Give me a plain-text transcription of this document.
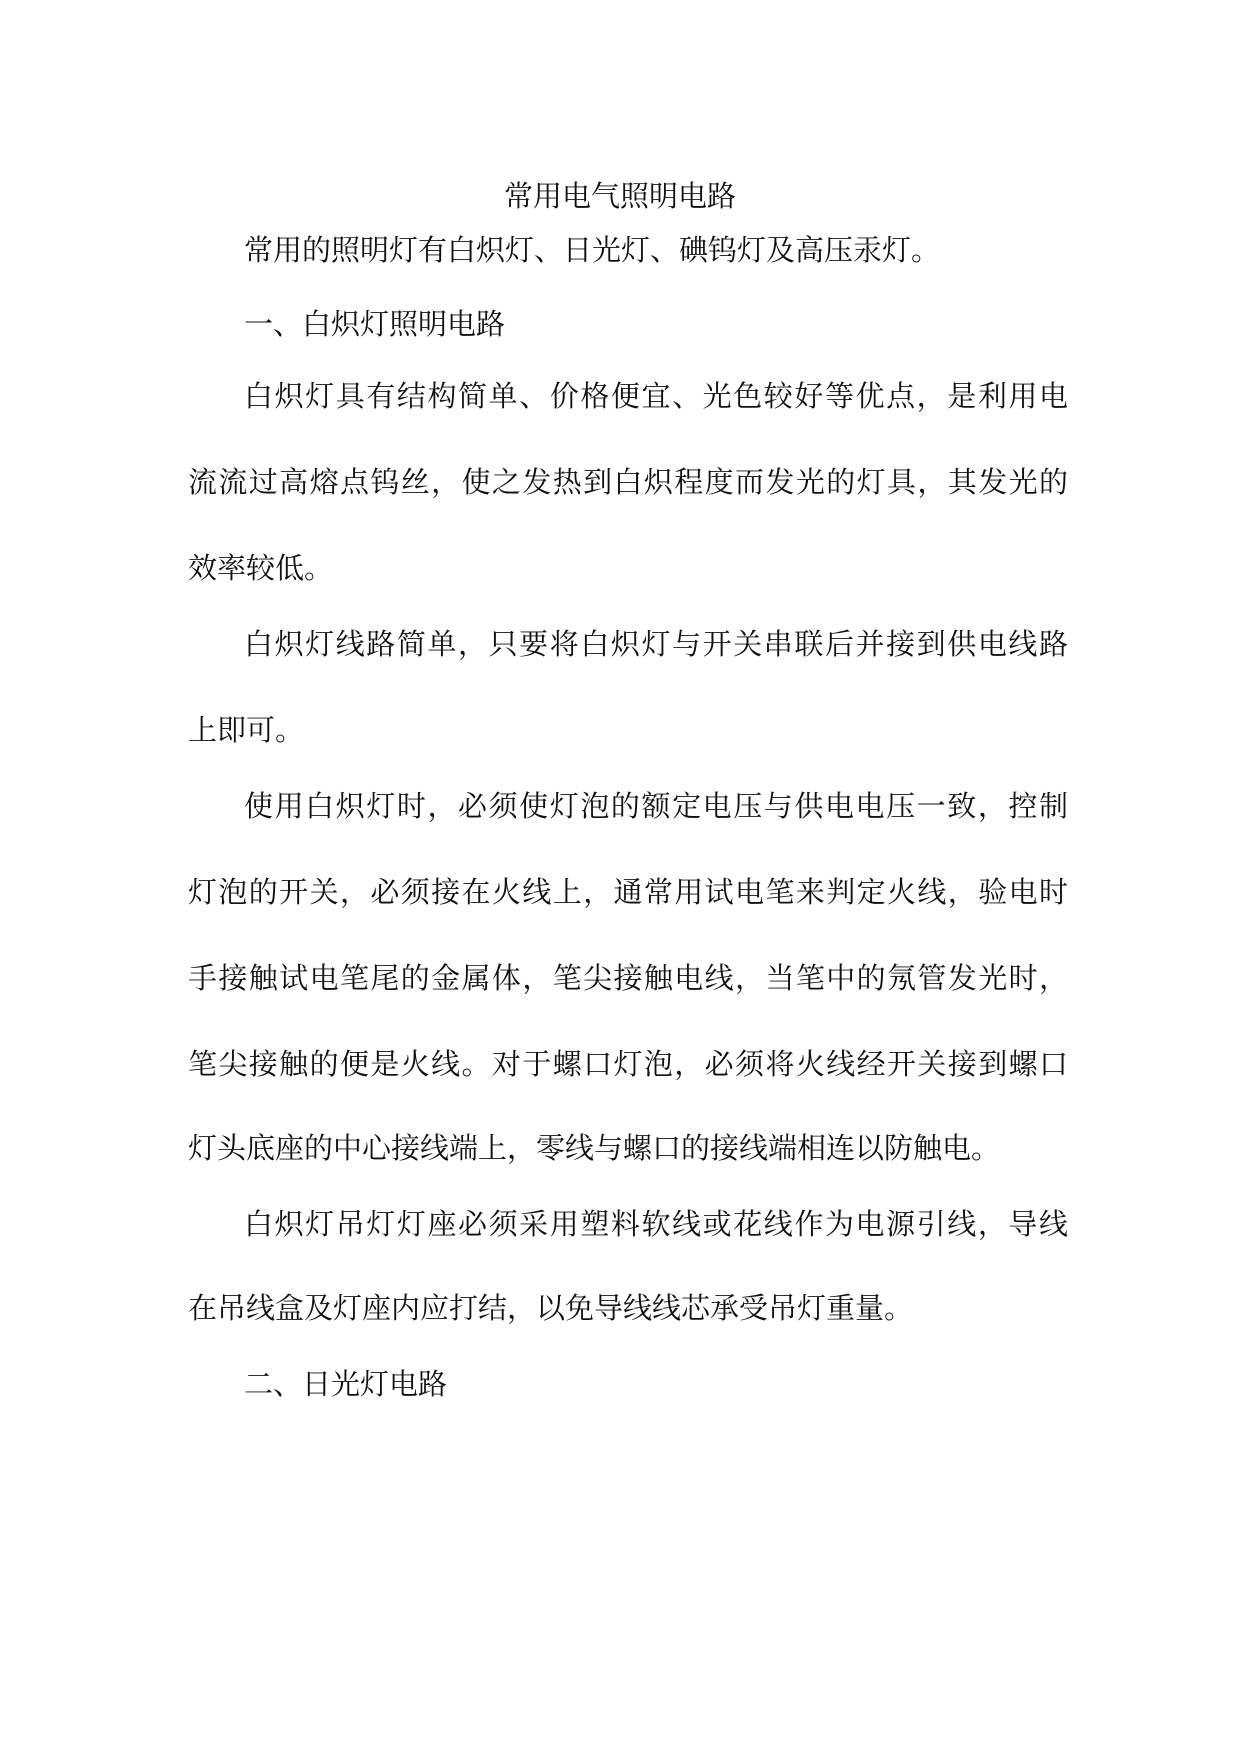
常用电气照明电路

常用的照明灯有白炽灯、日光灯、碘钨灯及高压汞灯。

一、白炽灯照明电路

白炽灯具有结构简单、价格便宜、光色较好等优点，是利用电

流流过高熔点钨丝，使之发热到白炽程度而发光的灯具，其发光的

效率较低。

白炽灯线路简单，只要将白炽灯与开关串联后并接到供电线路

上即可。

使用白炽灯时，必须使灯泡的额定电压与供电电压一致，控制

灯泡的开关，必须接在火线上，通常用试电笔来判定火线，验电时

手接触试电笔尾的金属体，笔尖接触电线，当笔中的氖管发光时，

笔尖接触的便是火线。对于螺口灯泡，必须将火线经开关接到螺口

灯头底座的中心接线端上，零线与螺口的接线端相连以防触电。

白炽灯吊灯灯座必须采用塑料软线或花线作为电源引线，导线

在吊线盒及灯座内应打结，以免导线线芯承受吊灯重量。

二、日光灯电路
